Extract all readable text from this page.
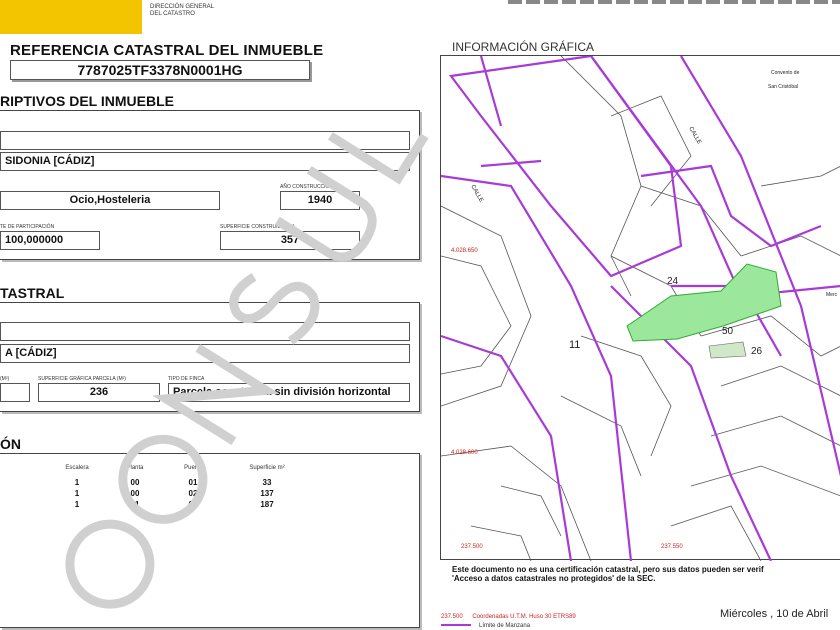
DIRECCIÓN GENERAL
DEL CATASTRO
REFERENCIA CATASTRAL DEL INMUEBLE
7787025TF3378N0001HG
RIPTIVOS DEL INMUEBLE
SIDONIA [CÁDIZ]
Ocio,Hosteleria
AÑO CONSTRUCCIÓN
1940
TE DE PARTICIPACIÓN
100,000000
SUPERFICIE CONSTRUIDA (M²)
357
TASTRAL
A [CÁDIZ]
(M²)	SUPERFICIE GRÁFICA PARCELA (M²)
236
TIPO DE FINCA
Parcela construida sin división horizontal
ÓN
Escalera	Planta	Puerta	Superficie m²
1	00	01	33
1	00	02	137
1	01	01	187
INFORMACIÓN GRÁFICA
4.028.650
4.028.600
237.500	237.550
Convento de
San Cristóbal
CALLE
CALLE
11
24
50
26
Merc
Este documento no es una certificación catastral, pero sus datos pueden ser verif
'Acceso a datos catastrales no protegidos' de la SEC.
237.500 Coordenadas U.T.M. Huso 30 ETRS89
Límite de Manzana
Miércoles , 10 de Abril
